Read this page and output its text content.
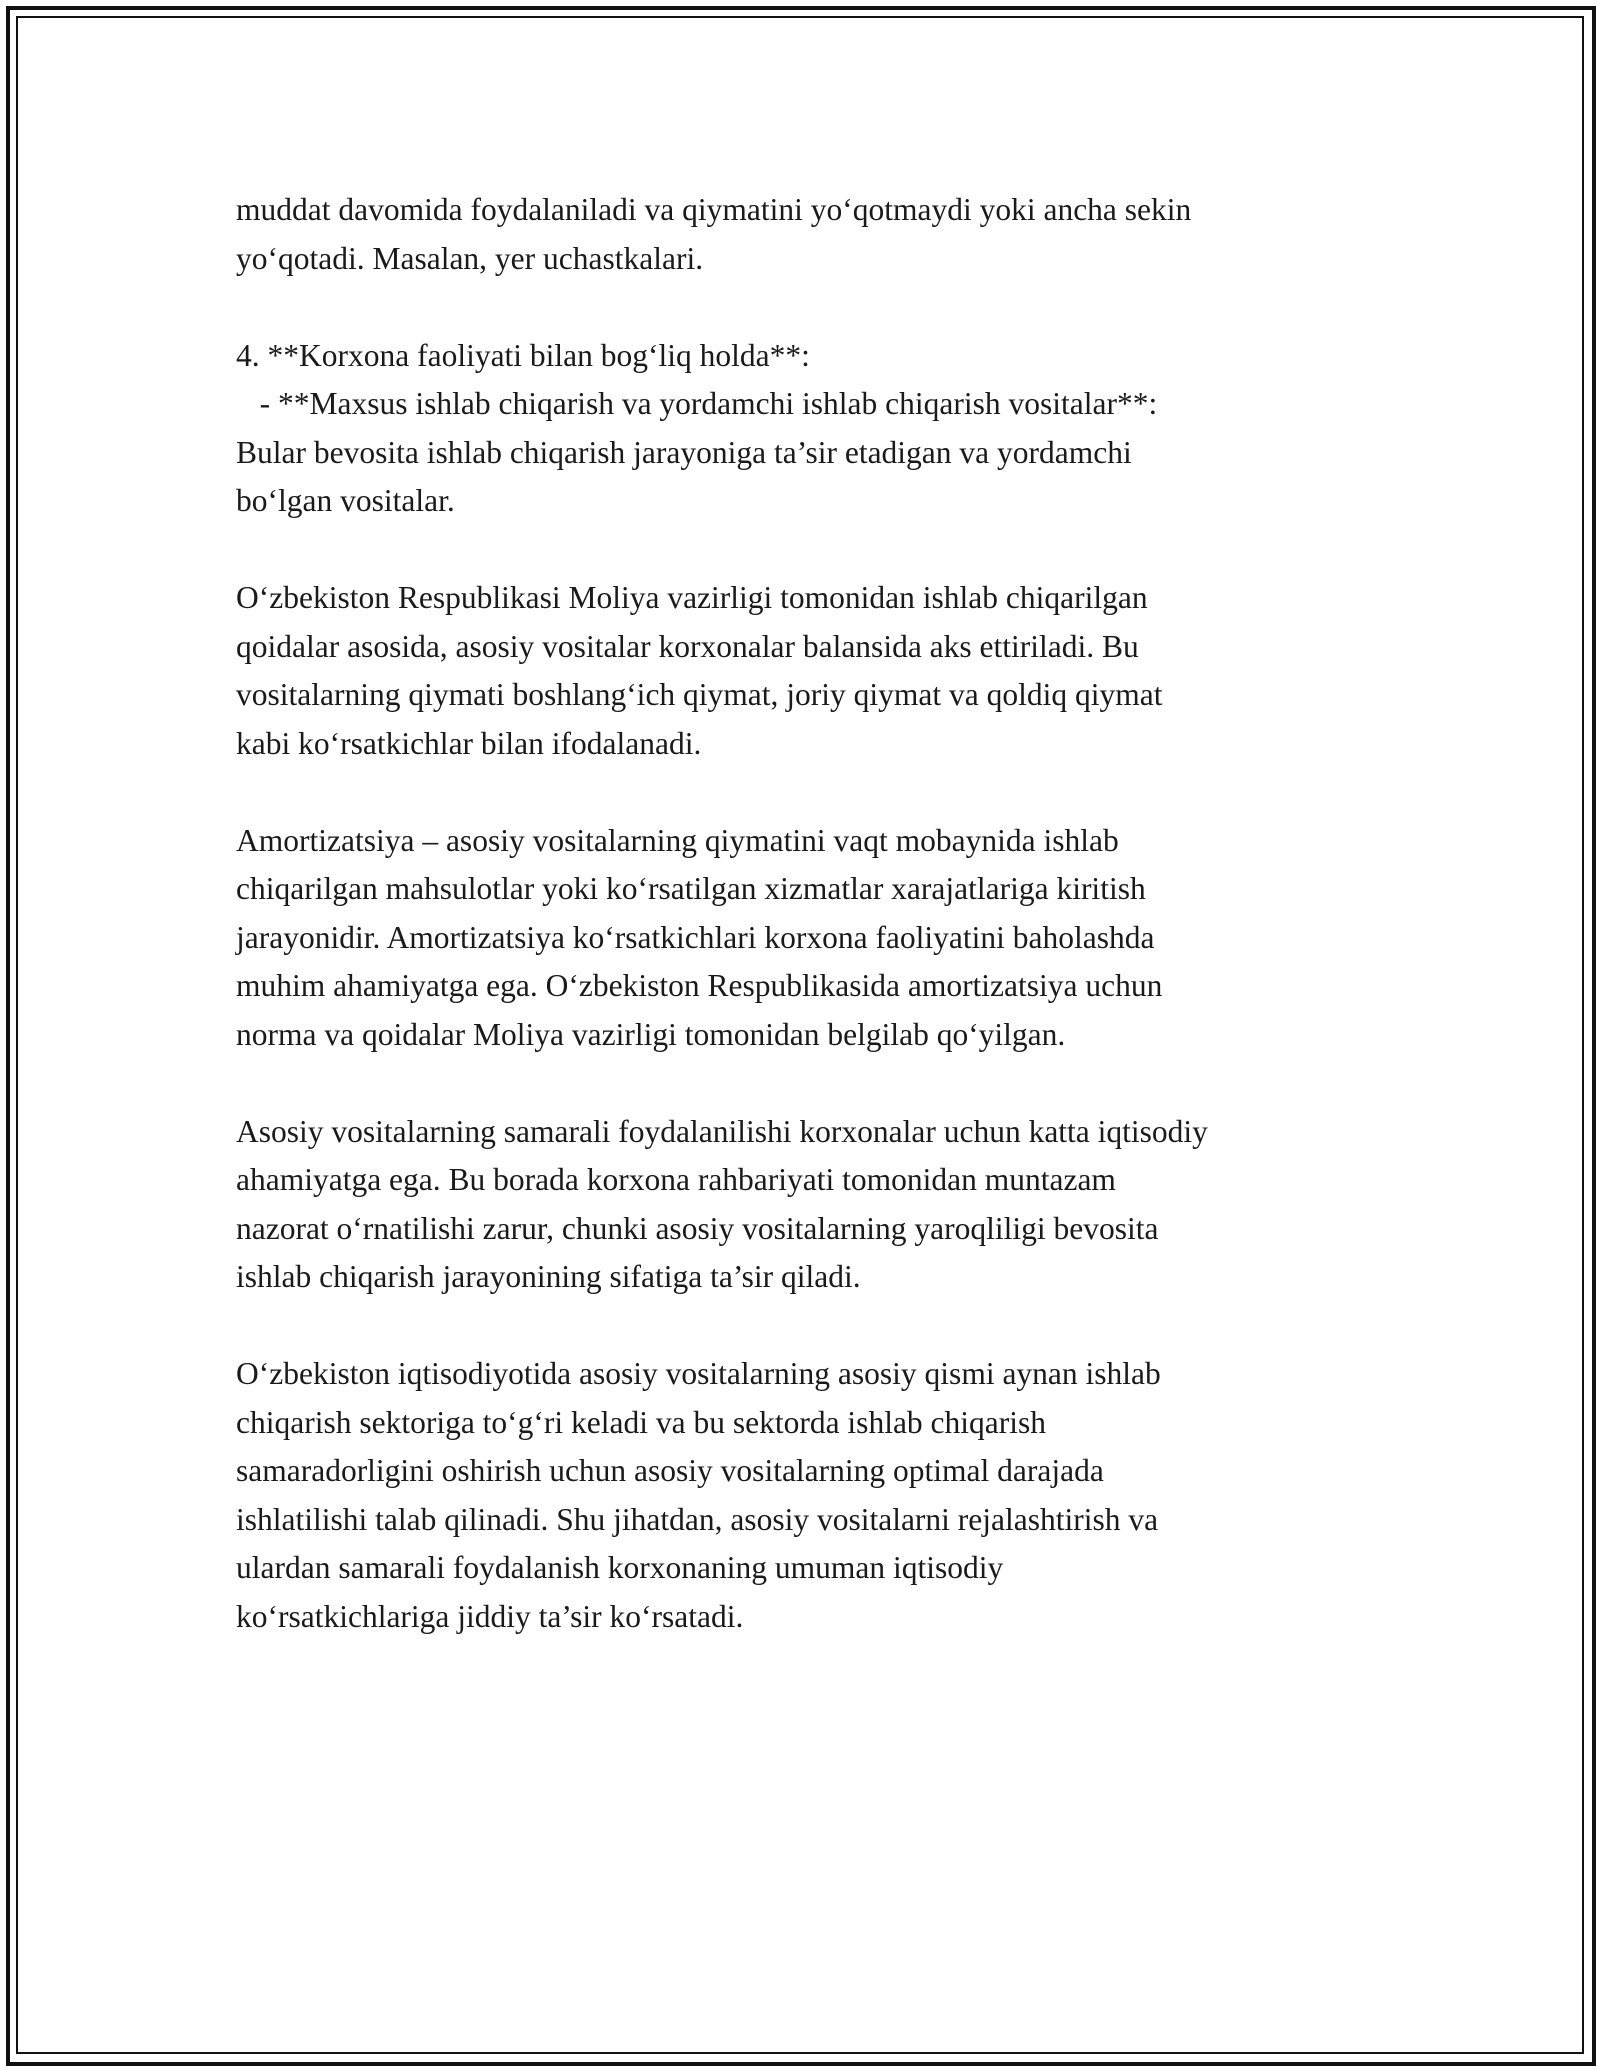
muddat davomida foydalaniladi va qiymatini yo‘qotmaydi yoki ancha sekin
yo‘qotadi. Masalan, yer uchastkalari.
4. **Korxona faoliyati bilan bog‘liq holda**:
- **Maxsus ishlab chiqarish va yordamchi ishlab chiqarish vositalar**:
Bular bevosita ishlab chiqarish jarayoniga ta’sir etadigan va yordamchi
bo‘lgan vositalar.
O‘zbekiston Respublikasi Moliya vazirligi tomonidan ishlab chiqarilgan
qoidalar asosida, asosiy vositalar korxonalar balansida aks ettiriladi. Bu
vositalarning qiymati boshlang‘ich qiymat, joriy qiymat va qoldiq qiymat
kabi ko‘rsatkichlar bilan ifodalanadi.
Amortizatsiya – asosiy vositalarning qiymatini vaqt mobaynida ishlab
chiqarilgan mahsulotlar yoki ko‘rsatilgan xizmatlar xarajatlariga kiritish
jarayonidir. Amortizatsiya ko‘rsatkichlari korxona faoliyatini baholashda
muhim ahamiyatga ega. O‘zbekiston Respublikasida amortizatsiya uchun
norma va qoidalar Moliya vazirligi tomonidan belgilab qo‘yilgan.
Asosiy vositalarning samarali foydalanilishi korxonalar uchun katta iqtisodiy
ahamiyatga ega. Bu borada korxona rahbariyati tomonidan muntazam
nazorat o‘rnatilishi zarur, chunki asosiy vositalarning yaroqliligi bevosita
ishlab chiqarish jarayonining sifatiga ta’sir qiladi.
O‘zbekiston iqtisodiyotida asosiy vositalarning asosiy qismi aynan ishlab
chiqarish sektoriga to‘g‘ri keladi va bu sektorda ishlab chiqarish
samaradorligini oshirish uchun asosiy vositalarning optimal darajada
ishlatilishi talab qilinadi. Shu jihatdan, asosiy vositalarni rejalashtirish va
ulardan samarali foydalanish korxonaning umuman iqtisodiy
ko‘rsatkichlariga jiddiy ta’sir ko‘rsatadi.
